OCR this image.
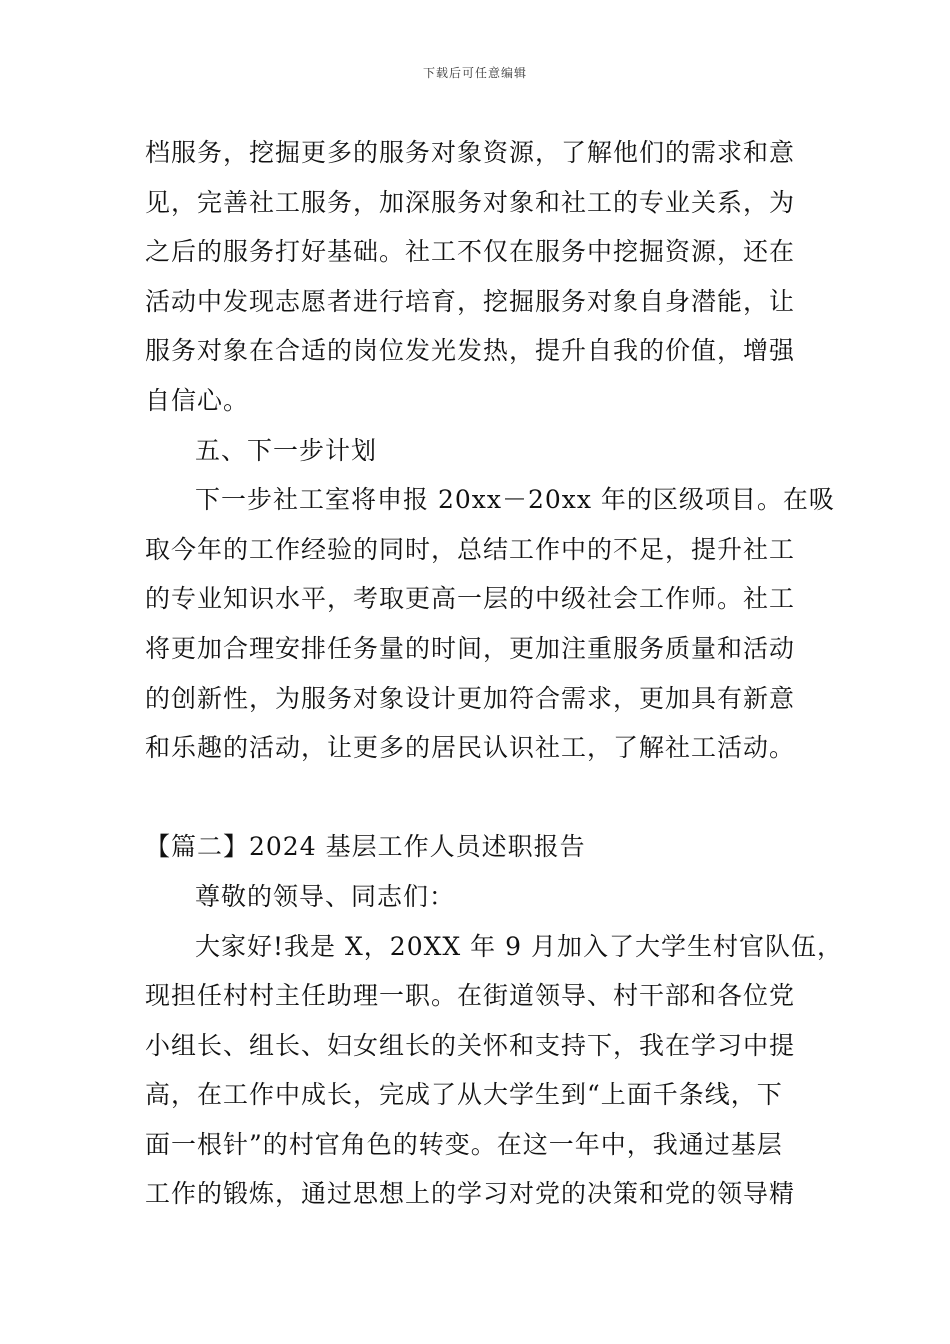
下载后可任意编辑
档服务，挖掘更多的服务对象资源，了解他们的需求和意
见，完善社工服务，加深服务对象和社工的专业关系，为
之后的服务打好基础。社工不仅在服务中挖掘资源，还在
活动中发现志愿者进行培育，挖掘服务对象自身潜能，让
服务对象在合适的岗位发光发热，提升自我的价值，增强
自信心。
五、下一步计划
下一步社工室将申报 20xx－20xx 年的区级项目。在吸
取今年的工作经验的同时，总结工作中的不足，提升社工
的专业知识水平，考取更高一层的中级社会工作师。社工
将更加合理安排任务量的时间，更加注重服务质量和活动
的创新性，为服务对象设计更加符合需求，更加具有新意
和乐趣的活动，让更多的居民认识社工，了解社工活动。
【篇二】2024 基层工作人员述职报告
尊敬的领导、同志们：
大家好!我是 X，20XX 年 9 月加入了大学生村官队伍，
现担任村村主任助理一职。在街道领导、村干部和各位党
小组长、组长、妇女组长的关怀和支持下，我在学习中提
高，在工作中成长，完成了从大学生到“上面千条线，下
面一根针”的村官角色的转变。在这一年中，我通过基层
工作的锻炼，通过思想上的学习对党的决策和党的领导精
